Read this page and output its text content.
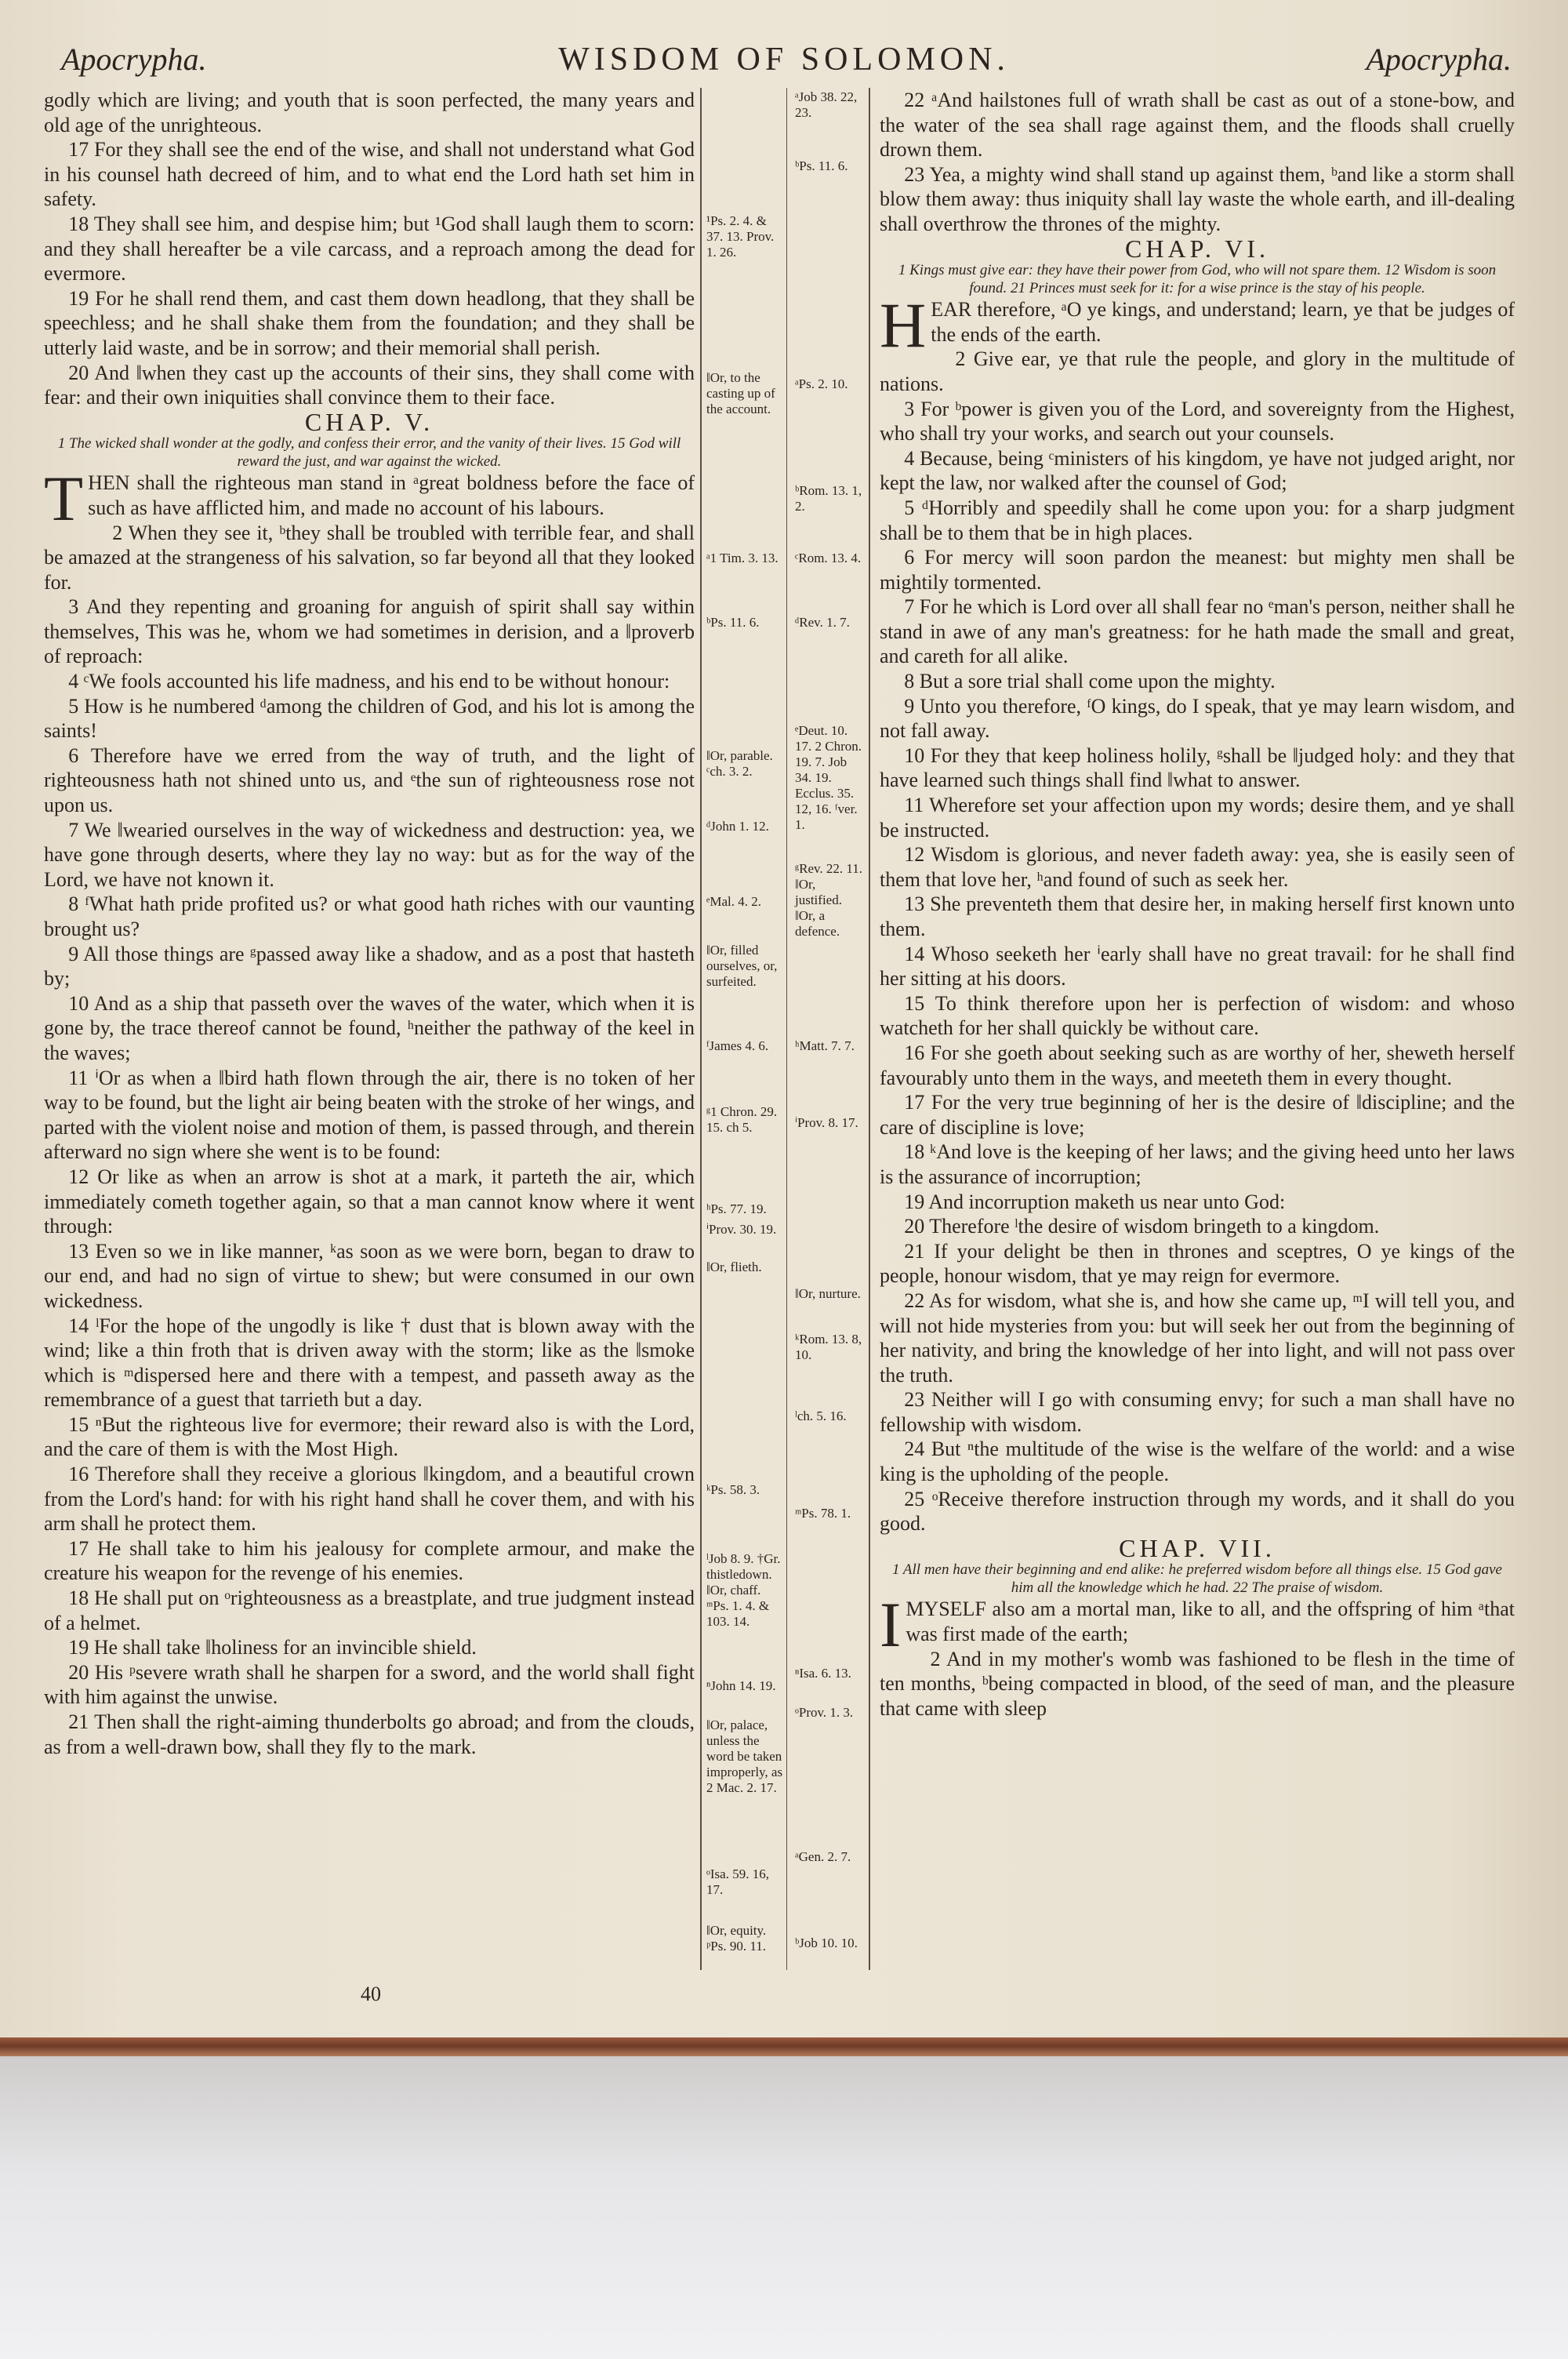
Apocrypha.	WISDOM OF SOLOMON.	Apocrypha.

godly which are living; and youth that is soon perfected, the many years and old age of the unrighteous.

17 For they shall see the end of the wise, and shall not understand what God in his counsel hath decreed of him, and to what end the Lord hath set him in safety.

18 They shall see him, and despise him; but ¹God shall laugh them to scorn: and they shall hereafter be a vile carcass, and a reproach among the dead for evermore.

19 For he shall rend them, and cast them down headlong, that they shall be speechless; and he shall shake them from the foundation; and they shall be utterly laid waste, and be in sorrow; and their memorial shall perish.

20 And ‖when they cast up the accounts of their sins, they shall come with fear: and their own iniquities shall convince them to their face.

CHAP. V.

1 The wicked shall wonder at the godly, and confess their error, and the vanity of their lives. 15 God will reward the just, and war against the wicked.

THEN shall the righteous man stand in ᵃgreat boldness before the face of such as have afflicted him, and made no account of his labours.

2 When they see it, ᵇthey shall be troubled with terrible fear, and shall be amazed at the strangeness of his salvation, so far beyond all that they looked for.

3 And they repenting and groaning for anguish of spirit shall say within themselves, This was he, whom we had sometimes in derision, and a ‖proverb of reproach:

4 ᶜWe fools accounted his life madness, and his end to be without honour:

5 How is he numbered ᵈamong the children of God, and his lot is among the saints!

6 Therefore have we erred from the way of truth, and the light of righteousness hath not shined unto us, and ᵉthe sun of righteousness rose not upon us.

7 We ‖wearied ourselves in the way of wickedness and destruction: yea, we have gone through deserts, where they lay no way: but as for the way of the Lord, we have not known it.

8 ᶠWhat hath pride profited us? or what good hath riches with our vaunting brought us?

9 All those things are ᵍpassed away like a shadow, and as a post that hasteth by;

10 And as a ship that passeth over the waves of the water, which when it is gone by, the trace thereof cannot be found, ʰneither the pathway of the keel in the waves;

11 ⁱOr as when a ‖bird hath flown through the air, there is no token of her way to be found, but the light air being beaten with the stroke of her wings, and parted with the violent noise and motion of them, is passed through, and therein afterward no sign where she went is to be found:

12 Or like as when an arrow is shot at a mark, it parteth the air, which immediately cometh together again, so that a man cannot know where it went through:

13 Even so we in like manner, ᵏas soon as we were born, began to draw to our end, and had no sign of virtue to shew; but were consumed in our own wickedness.

14 ˡFor the hope of the ungodly is like † dust that is blown away with the wind; like a thin froth that is driven away with the storm; like as the ‖smoke which is ᵐdispersed here and there with a tempest, and passeth away as the remembrance of a guest that tarrieth but a day.

15 ⁿBut the righteous live for evermore; their reward also is with the Lord, and the care of them is with the Most High.

16 Therefore shall they receive a glorious ‖kingdom, and a beautiful crown from the Lord's hand: for with his right hand shall he cover them, and with his arm shall he protect them.

17 He shall take to him his jealousy for complete armour, and make the creature his weapon for the revenge of his enemies.

18 He shall put on ᵒrighteousness as a breastplate, and true judgment instead of a helmet.

19 He shall take ‖holiness for an invincible shield.

20 His ᵖsevere wrath shall he sharpen for a sword, and the world shall fight with him against the unwise.

21 Then shall the right-aiming thunderbolts go abroad; and from the clouds, as from a well-drawn bow, shall they fly to the mark.

¹Ps. 2. 4. & 37. 13. Prov. 1. 26.
‖Or, to the casting up of the account.
ᵃ1 Tim. 3. 13.
ᵇPs. 11. 6.
‖Or, parable. ᶜch. 3. 2.
ᵈJohn 1. 12.
ᵉMal. 4. 2.
‖Or, filled ourselves, or, surfeited.
ᶠJames 4. 6.
ᵍ1 Chron. 29. 15. ch 5.
ʰPs. 77. 19.
ⁱProv. 30. 19.
‖Or, flieth.
ᵏPs. 58. 3.
ˡJob 8. 9. †Gr. thistledown. ‖Or, chaff. ᵐPs. 1. 4. & 103. 14.
ⁿJohn 14. 19.
‖Or, palace, unless the word be taken improperly, as 2 Mac. 2. 17.
ᵒIsa. 59. 16, 17.
‖Or, equity. ᵖPs. 90. 11.
ᵃJob 38. 22, 23.
ᵇPs. 11. 6.
ᵃPs. 2. 10.
ᵇRom. 13. 1, 2.
ᶜRom. 13. 4.
ᵈRev. 1. 7.
ᵉDeut. 10. 17. 2 Chron. 19. 7. Job 34. 19. Ecclus. 35. 12, 16. ᶠver. 1.
ᵍRev. 22. 11. ‖Or, justified. ‖Or, a defence.
ʰMatt. 7. 7.
ⁱProv. 8. 17.
‖Or, nurture.
ᵏRom. 13. 8, 10.
ˡch. 5. 16.
ᵐPs. 78. 1.
ⁿIsa. 6. 13.
ᵒProv. 1. 3.
ᵃGen. 2. 7.
ᵇJob 10. 10.

22 ᵃAnd hailstones full of wrath shall be cast as out of a stone-bow, and the water of the sea shall rage against them, and the floods shall cruelly drown them.

23 Yea, a mighty wind shall stand up against them, ᵇand like a storm shall blow them away: thus iniquity shall lay waste the whole earth, and ill-dealing shall overthrow the thrones of the mighty.

CHAP. VI.

1 Kings must give ear: they have their power from God, who will not spare them. 12 Wisdom is soon found. 21 Princes must seek for it: for a wise prince is the stay of his people.

HEAR therefore, ᵃO ye kings, and understand; learn, ye that be judges of the ends of the earth.

2 Give ear, ye that rule the people, and glory in the multitude of nations.

3 For ᵇpower is given you of the Lord, and sovereignty from the Highest, who shall try your works, and search out your counsels.

4 Because, being ᶜministers of his kingdom, ye have not judged aright, nor kept the law, nor walked after the counsel of God;

5 ᵈHorribly and speedily shall he come upon you: for a sharp judgment shall be to them that be in high places.

6 For mercy will soon pardon the meanest: but mighty men shall be mightily tormented.

7 For he which is Lord over all shall fear no ᵉman's person, neither shall he stand in awe of any man's greatness: for he hath made the small and great, and careth for all alike.

8 But a sore trial shall come upon the mighty.

9 Unto you therefore, ᶠO kings, do I speak, that ye may learn wisdom, and not fall away.

10 For they that keep holiness holily, ᵍshall be ‖judged holy: and they that have learned such things shall find ‖what to answer.

11 Wherefore set your affection upon my words; desire them, and ye shall be instructed.

12 Wisdom is glorious, and never fadeth away: yea, she is easily seen of them that love her, ʰand found of such as seek her.

13 She preventeth them that desire her, in making herself first known unto them.

14 Whoso seeketh her ⁱearly shall have no great travail: for he shall find her sitting at his doors.

15 To think therefore upon her is perfection of wisdom: and whoso watcheth for her shall quickly be without care.

16 For she goeth about seeking such as are worthy of her, sheweth herself favourably unto them in the ways, and meeteth them in every thought.

17 For the very true beginning of her is the desire of ‖discipline; and the care of discipline is love;

18 ᵏAnd love is the keeping of her laws; and the giving heed unto her laws is the assurance of incorruption;

19 And incorruption maketh us near unto God:

20 Therefore ˡthe desire of wisdom bringeth to a kingdom.

21 If your delight be then in thrones and sceptres, O ye kings of the people, honour wisdom, that ye may reign for evermore.

22 As for wisdom, what she is, and how she came up, ᵐI will tell you, and will not hide mysteries from you: but will seek her out from the beginning of her nativity, and bring the knowledge of her into light, and will not pass over the truth.

23 Neither will I go with consuming envy; for such a man shall have no fellowship with wisdom.

24 But ⁿthe multitude of the wise is the welfare of the world: and a wise king is the upholding of the people.

25 ᵒReceive therefore instruction through my words, and it shall do you good.

CHAP. VII.

1 All men have their beginning and end alike: he preferred wisdom before all things else. 15 God gave him all the knowledge which he had. 22 The praise of wisdom.

IMYSELF also am a mortal man, like to all, and the offspring of him ᵃthat was first made of the earth;

2 And in my mother's womb was fashioned to be flesh in the time of ten months, ᵇbeing compacted in blood, of the seed of man, and the pleasure that came with sleep

40
